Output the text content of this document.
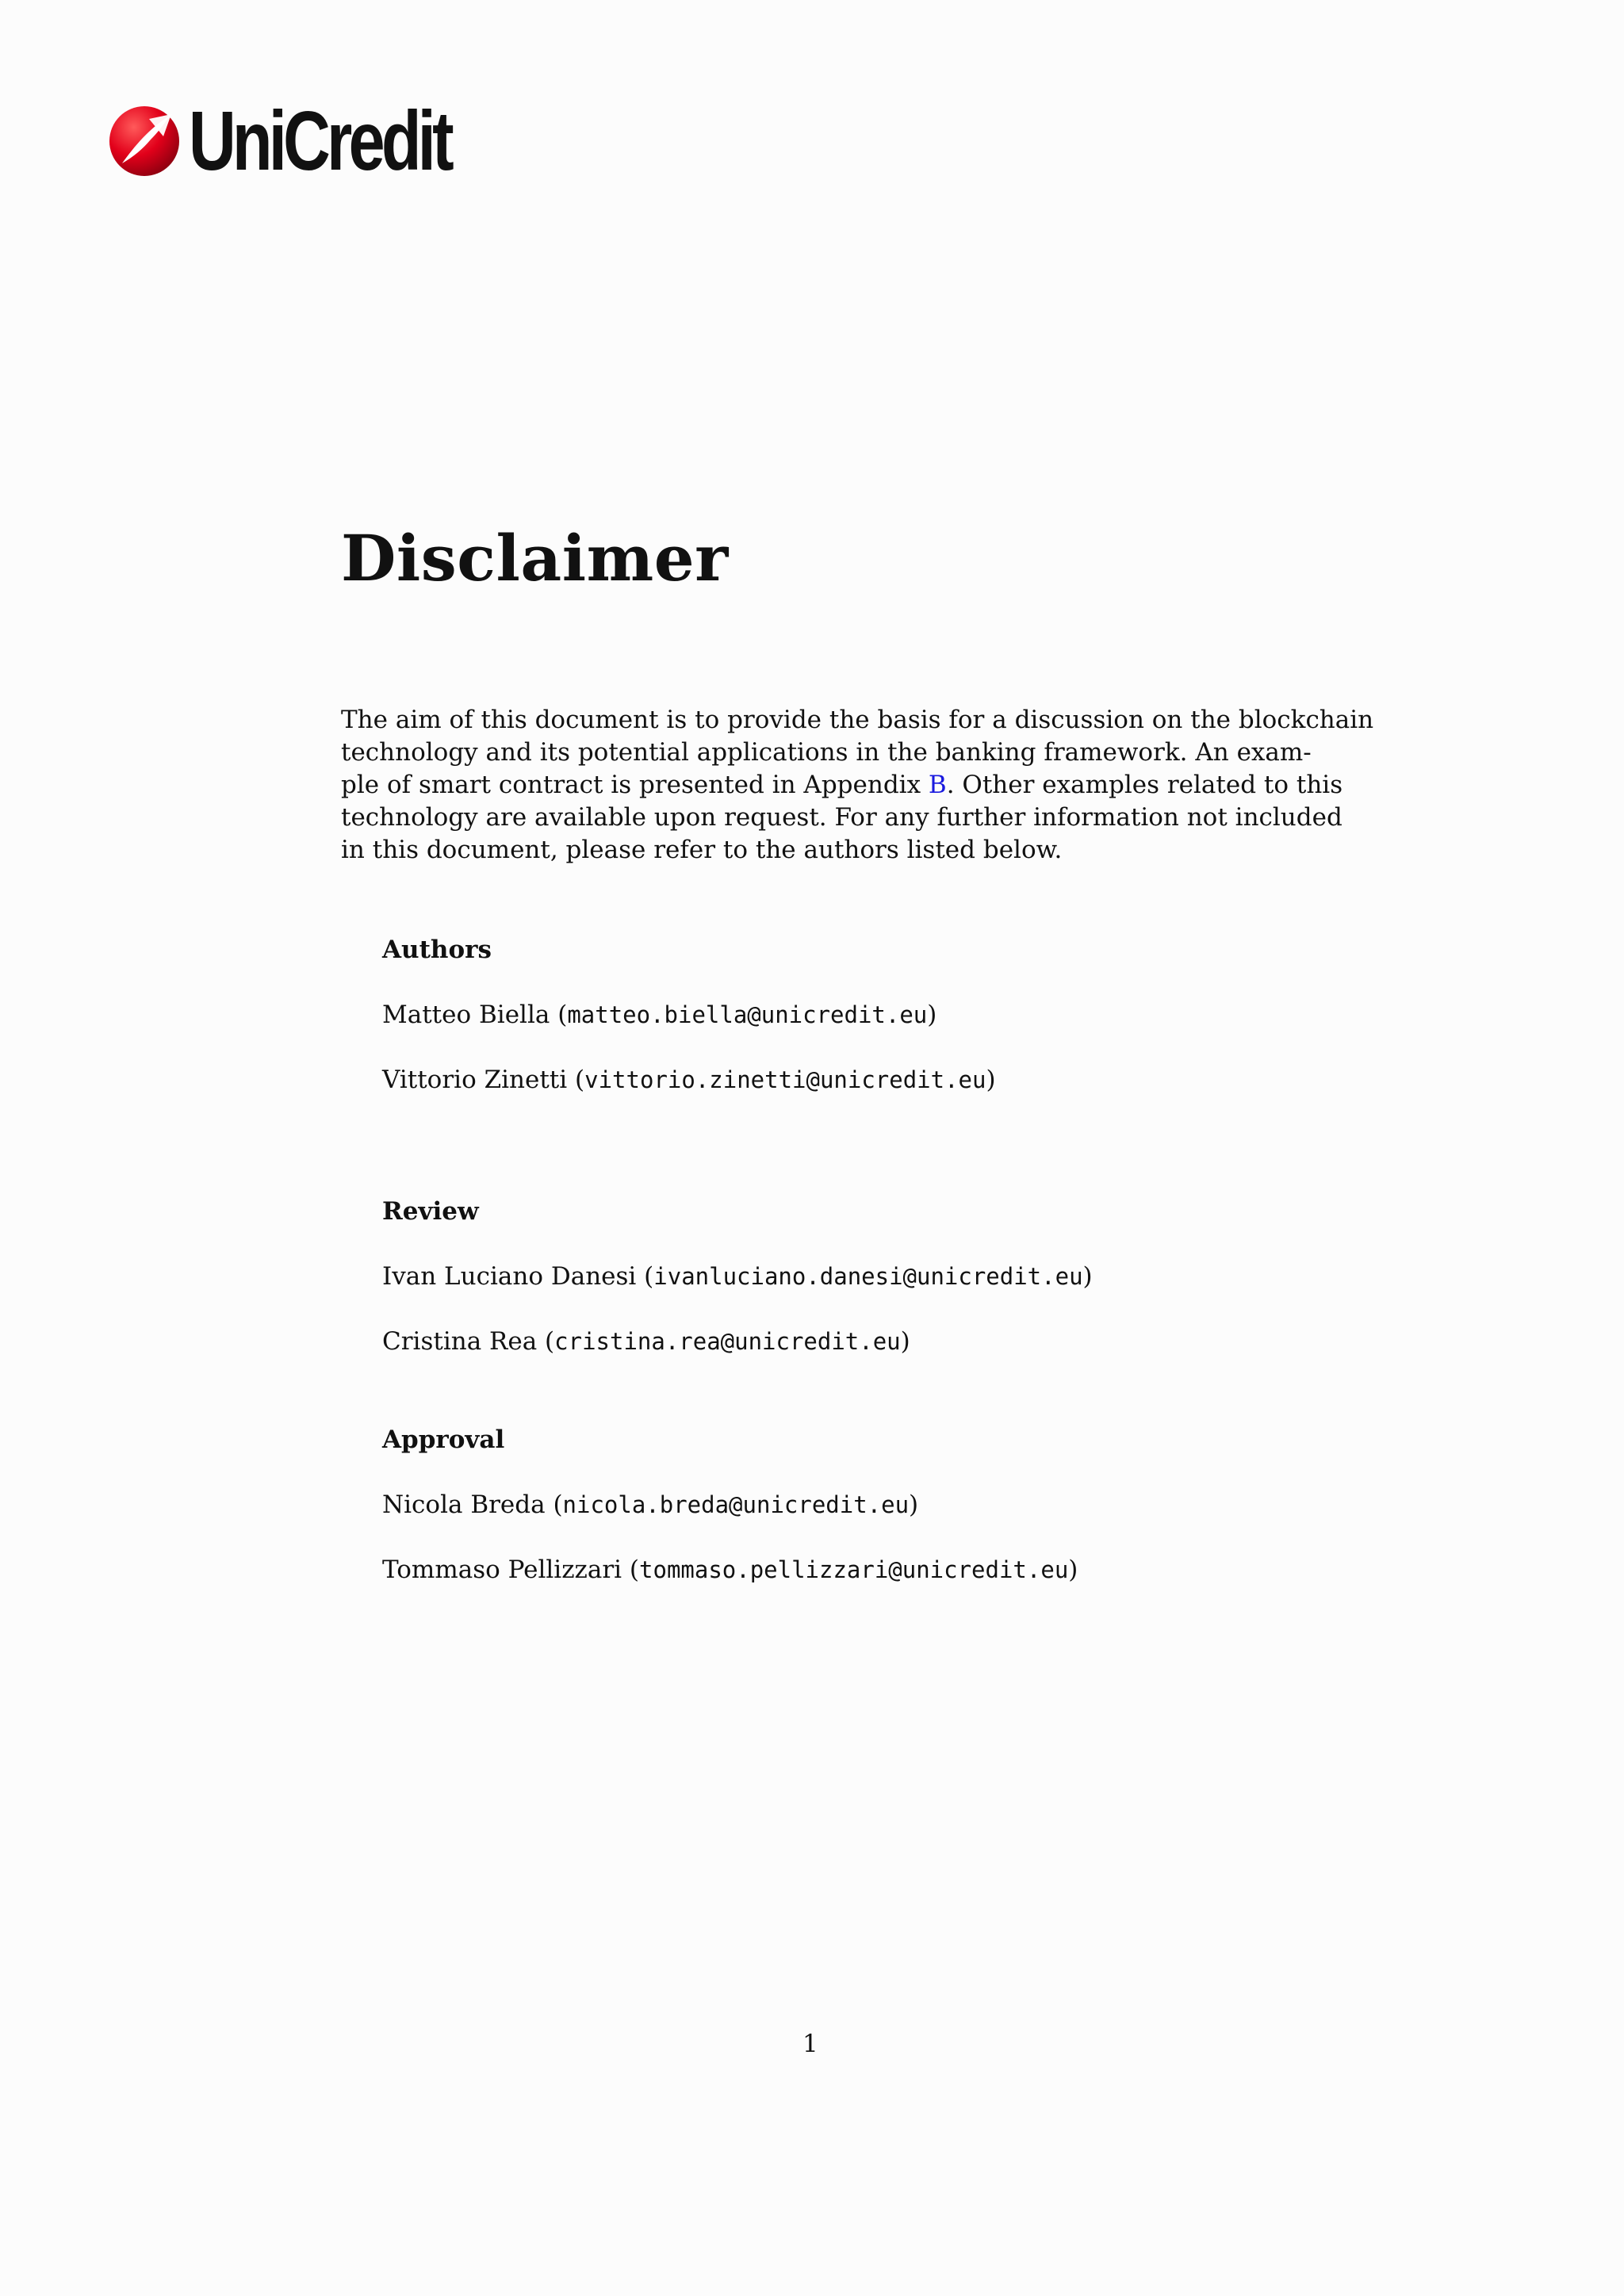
UniCredit
Disclaimer

The aim of this document is to provide the basis for a discussion on the blockchain
technology and its potential applications in the banking framework. An exam-
ple of smart contract is presented in Appendix B. Other examples related to this
technology are available upon request. For any further information not included
in this document, please refer to the authors listed below.

Authors

Matteo Biella (matteo.biella@unicredit.eu)

Vittorio Zinetti (vittorio.zinetti@unicredit.eu)

Review

Ivan Luciano Danesi (ivanluciano.danesi@unicredit.eu)

Cristina Rea (cristina.rea@unicredit.eu)

Approval

Nicola Breda (nicola.breda@unicredit.eu)

Tommaso Pellizzari (tommaso.pellizzari@unicredit.eu)

1
